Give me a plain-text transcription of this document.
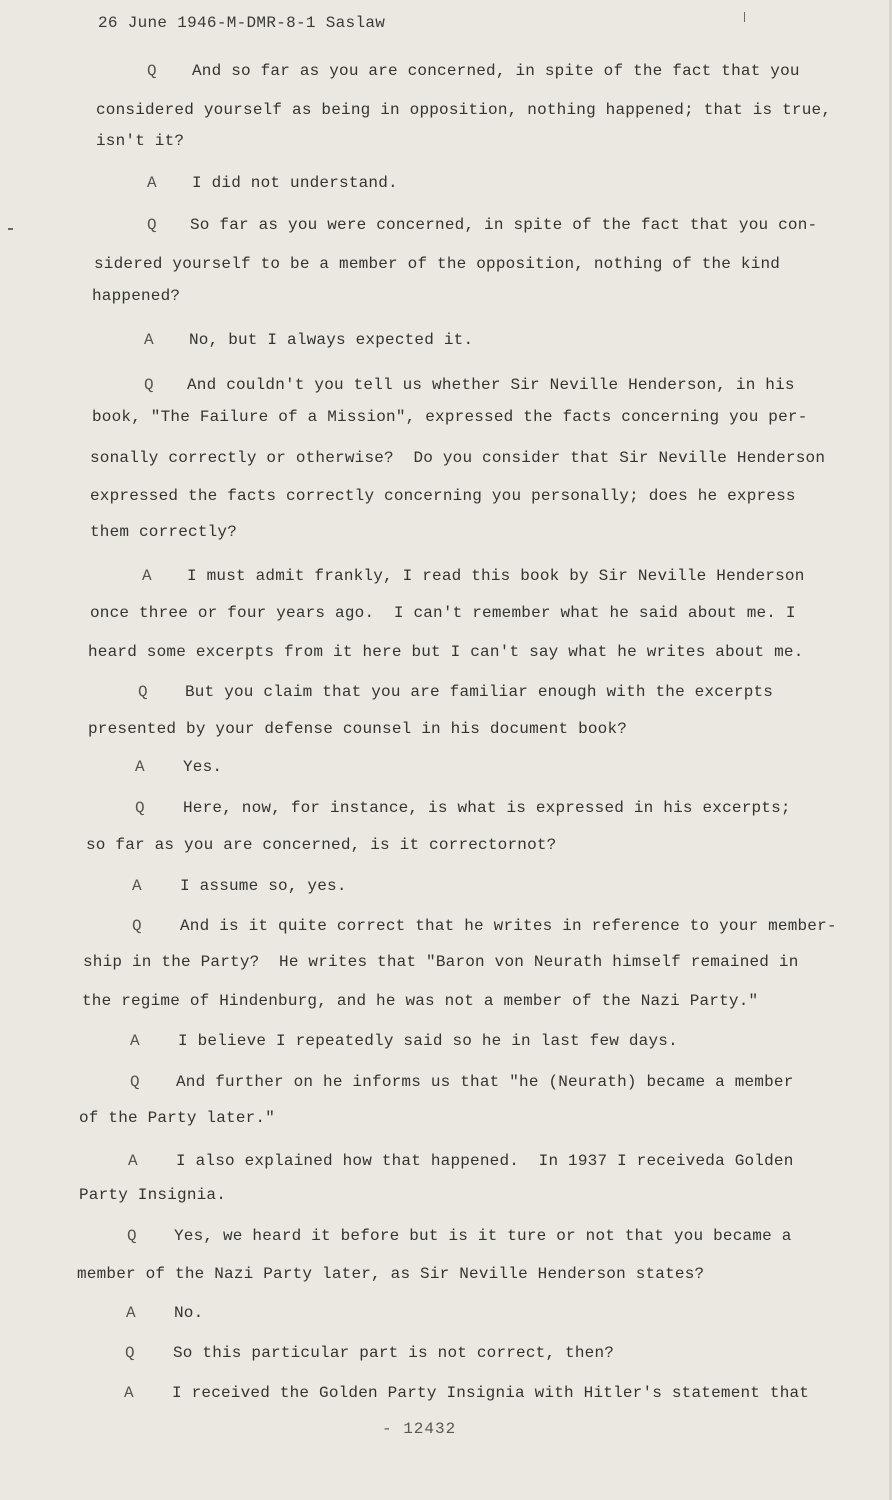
26 June 1946-M-DMR-8-1 Saslaw
Q And so far as you are concerned, in spite of the fact that you
considered yourself as being in opposition, nothing happened; that is true,
isn't it?
A I did not understand.
Q So far as you were concerned, in spite of the fact that you con-
sidered yourself to be a member of the opposition, nothing of the kind
happened?
A No, but I always expected it.
Q And couldn't you tell us whether Sir Neville Henderson, in his
book, "The Failure of a Mission", expressed the facts concerning you per-
sonally correctly or otherwise?  Do you consider that Sir Neville Henderson
expressed the facts correctly concerning you personally; does he express
them correctly?
A I must admit frankly, I read this book by Sir Neville Henderson
once three or four years ago.  I can't remember what he said about me. I
heard some excerpts from it here but I can't say what he writes about me.
Q But you claim that you are familiar enough with the excerpts
presented by your defense counsel in his document book?
A Yes.
Q Here, now, for instance, is what is expressed in his excerpts;
so far as you are concerned, is it correctornot?
A I assume so, yes.
Q And is it quite correct that he writes in reference to your member-
ship in the Party?  He writes that "Baron von Neurath himself remained in
the regime of Hindenburg, and he was not a member of the Nazi Party."
A I believe I repeatedly said so he in last few days.
Q And further on he informs us that "he (Neurath) became a member
of the Party later."
A I also explained how that happened.  In 1937 I receiveda Golden
Party Insignia.
Q Yes, we heard it before but is it ture or not that you became a
member of the Nazi Party later, as Sir Neville Henderson states?
A No.
Q So this particular part is not correct, then?
A I received the Golden Party Insignia with Hitler's statement that
- 12432
